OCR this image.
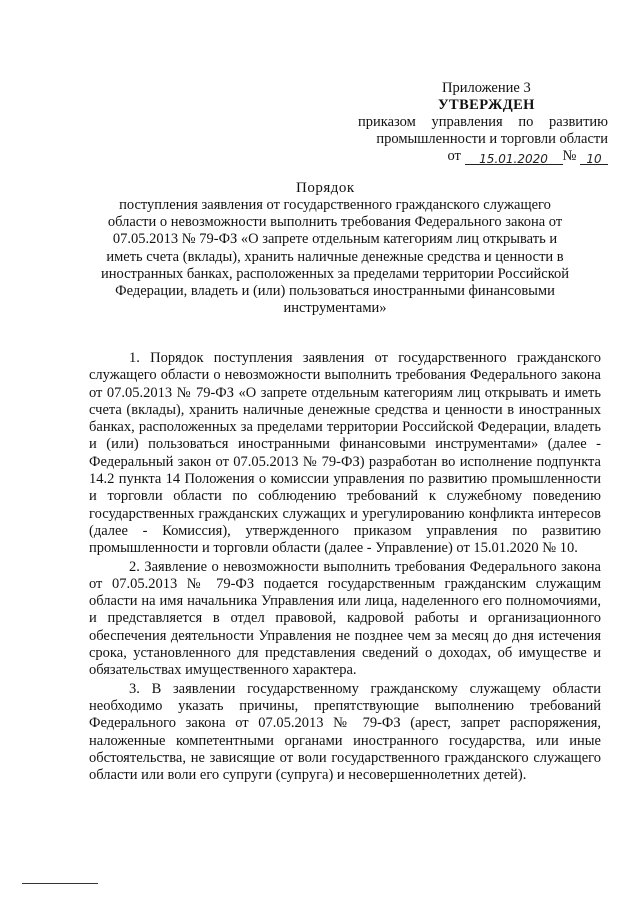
Приложение 3
УТВЕРЖДЕН
приказом управления по развитию
промышленности и торговли области
от 15.01.2020 № 10
Порядок
поступления заявления от государственного гражданского служащего области о невозможности выполнить требования Федерального закона от 07.05.2013 № 79-ФЗ «О запрете отдельным категориям лиц открывать и иметь счета (вклады), хранить наличные денежные средства и ценности в иностранных банках, расположенных за пределами территории Российской Федерации, владеть и (или) пользоваться иностранными финансовыми инструментами»

1. Порядок поступления заявления от государственного гражданского служащего области о невозможности выполнить требования Федерального закона от 07.05.2013 № 79-ФЗ «О запрете отдельным категориям лиц открывать и иметь счета (вклады), хранить наличные денежные средства и ценности в иностранных банках, расположенных за пределами территории Российской Федерации, владеть и (или) пользоваться иностранными финансовыми инструментами» (далее - Федеральный закон от 07.05.2013 № 79-ФЗ) разработан во исполнение подпункта 14.2 пункта 14 Положения о комиссии управления по развитию промышленности и торговли области по соблюдению требований к служебному поведению государственных гражданских служащих и урегулированию конфликта интересов (далее - Комиссия), утвержденного приказом управления по развитию промышленности и торговли области (далее - Управление) от 15.01.2020 № 10.

2. Заявление о невозможности выполнить требования Федерального закона от 07.05.2013 № 79-ФЗ подается государственным гражданским служащим области на имя начальника Управления или лица, наделенного его полномочиями, и представляется в отдел правовой, кадровой работы и организационного обеспечения деятельности Управления не позднее чем за месяц до дня истечения срока, установленного для представления сведений о доходах, об имуществе и обязательствах имущественного характера.

3. В заявлении государственному гражданскому служащему области необходимо указать причины, препятствующие выполнению требований Федерального закона от 07.05.2013 № 79-ФЗ (арест, запрет распоряжения, наложенные компетентными органами иностранного государства, или иные обстоятельства, не зависящие от воли государственного гражданского служащего области или воли его супруги (супруга) и несовершеннолетних детей).
